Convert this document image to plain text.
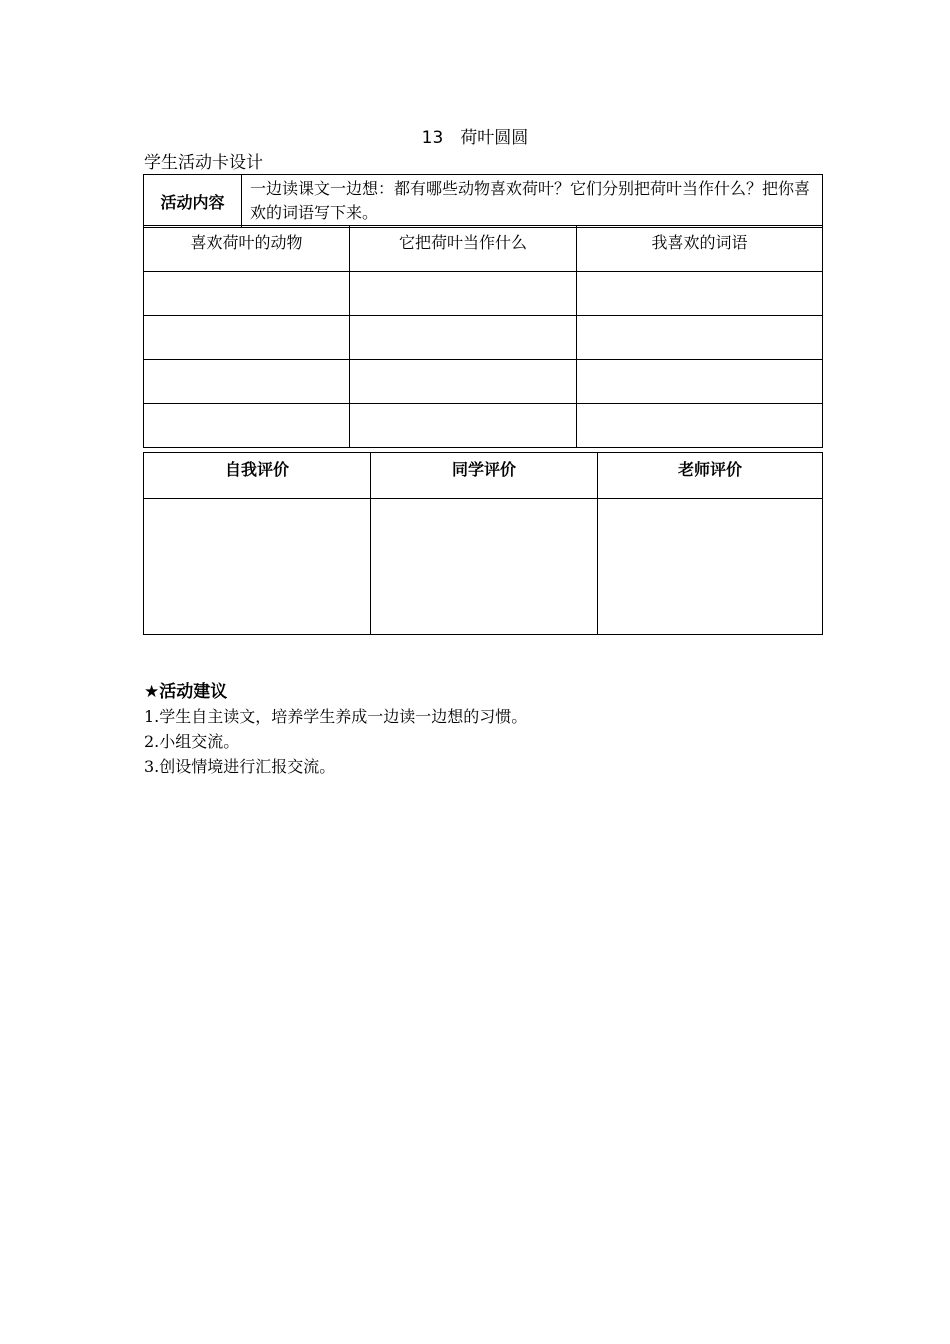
13　荷叶圆圆
学生活动卡设计
活动内容	一边读课文一边想：都有哪些动物喜欢荷叶？它们分别把荷叶当作什么？把你喜欢的词语写下来。
喜欢荷叶的动物	它把荷叶当作什么	我喜欢的词语

自我评价	同学评价	老师评价

★活动建议
1.学生自主读文，培养学生养成一边读一边想的习惯。
2.小组交流。
3.创设情境进行汇报交流。
